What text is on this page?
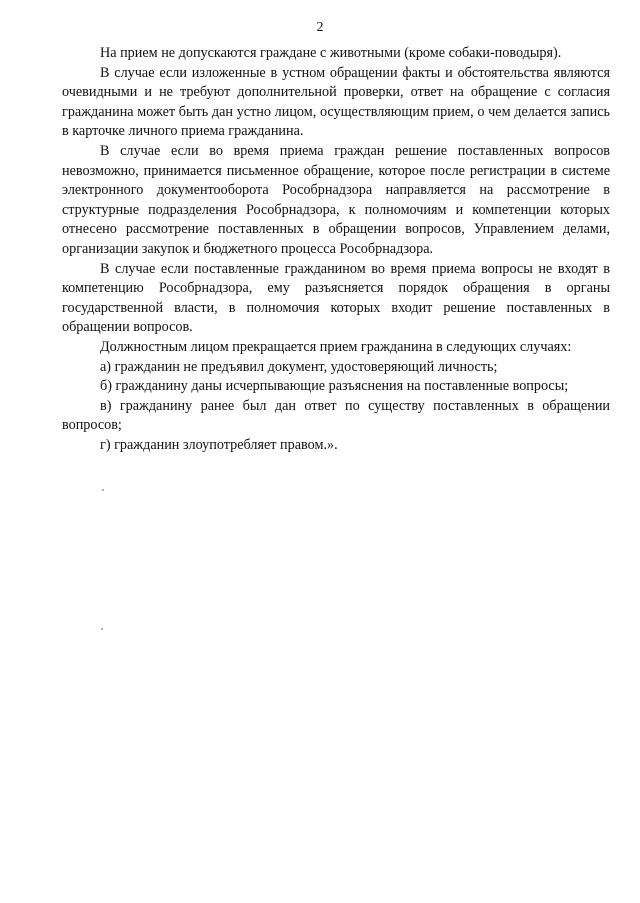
2

На прием не допускаются граждане с животными (кроме собаки-поводыря).

В случае если изложенные в устном обращении факты и обстоятельства являются очевидными и не требуют дополнительной проверки, ответ на обращение с согласия гражданина может быть дан устно лицом, осуществляющим прием, о чем делается запись в карточке личного приема гражданина.

В случае если во время приема граждан решение поставленных вопросов невозможно, принимается письменное обращение, которое после регистрации в системе электронного документооборота Рособрнадзора направляется на рассмотрение в структурные подразделения Рособрнадзора, к полномочиям и компетенции которых отнесено рассмотрение поставленных в обращении вопросов, Управлением делами, организации закупок и бюджетного процесса Рособрнадзора.

В случае если поставленные гражданином во время приема вопросы не входят в компетенцию Рособрнадзора, ему разъясняется порядок обращения в органы государственной власти, в полномочия которых входит решение поставленных в обращении вопросов.

Должностным лицом прекращается прием гражданина в следующих случаях:

а) гражданин не предъявил документ, удостоверяющий личность;

б) гражданину даны исчерпывающие разъяснения на поставленные вопросы;

в) гражданину ранее был дан ответ по существу поставленных в обращении вопросов;

г) гражданин злоупотребляет правом.».
